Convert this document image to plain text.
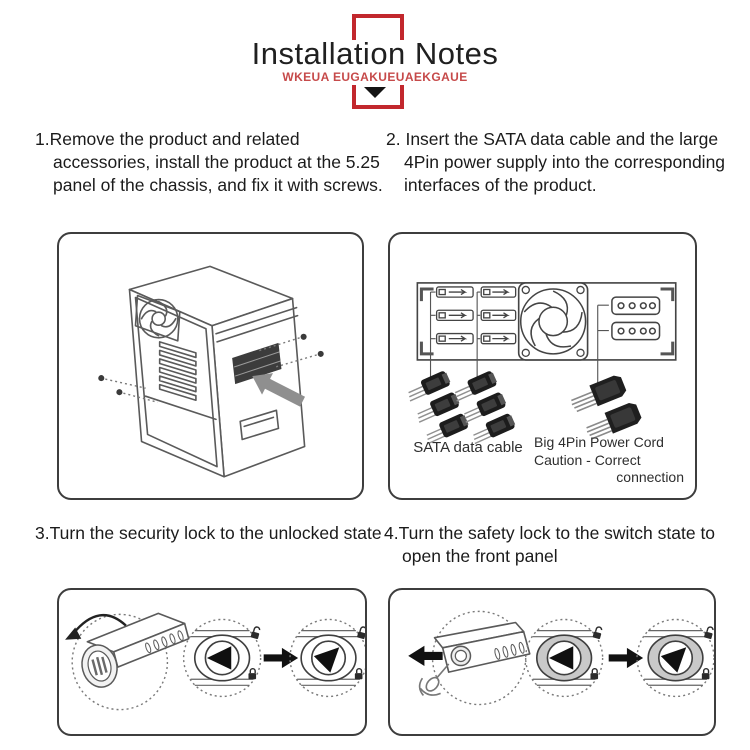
Installation Notes
WKEUA EUGAKUEUAEKGAUE

1.Remove the product and related accessories, install the product at the 5.25 panel of the chassis, and fix it with screws.

2. Insert the SATA data cable and the large 4Pin power supply into the corresponding interfaces of the product.

3.Turn the security lock to the unlocked state 4.Turn the safety lock to the switch state to open the front panel

SATA data cable Big 4Pin Power Cord
Caution - Correct
connection
